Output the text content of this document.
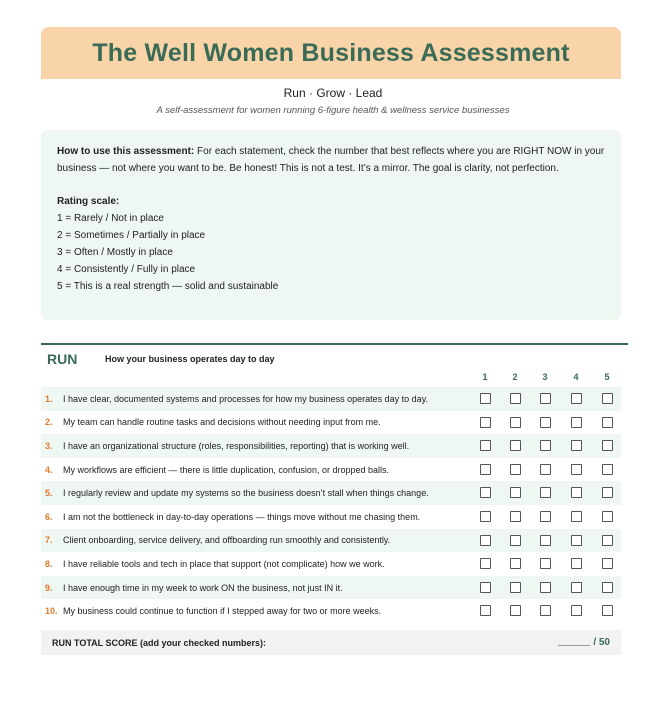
The Well Women Business Assessment
Run · Grow · Lead
A self-assessment for women running 6-figure health & wellness service businesses
How to use this assessment: For each statement, check the number that best reflects where you are RIGHT NOW in your business — not where you want to be. Be honest! This is not a test. It’s a mirror. The goal is clarity, not perfection.
Rating scale:
1 = Rarely / Not in place
2 = Sometimes / Partially in place
3 = Often / Mostly in place
4 = Consistently / Fully in place
5 = This is a real strength — solid and sustainable
RUN	How your business operates day to day
1	2	3	4	5
1. I have clear, documented systems and processes for how my business operates day to day.
2. My team can handle routine tasks and decisions without needing input from me.
3. I have an organizational structure (roles, responsibilities, reporting) that is working well.
4. My workflows are efficient — there is little duplication, confusion, or dropped balls.
5. I regularly review and update my systems so the business doesn’t stall when things change.
6. I am not the bottleneck in day-to-day operations — things move without me chasing them.
7. Client onboarding, service delivery, and offboarding run smoothly and consistently.
8. I have reliable tools and tech in place that support (not complicate) how we work.
9. I have enough time in my week to work ON the business, not just IN it.
10. My business could continue to function if I stepped away for two or more weeks.
RUN TOTAL SCORE (add your checked numbers):	/ 50
